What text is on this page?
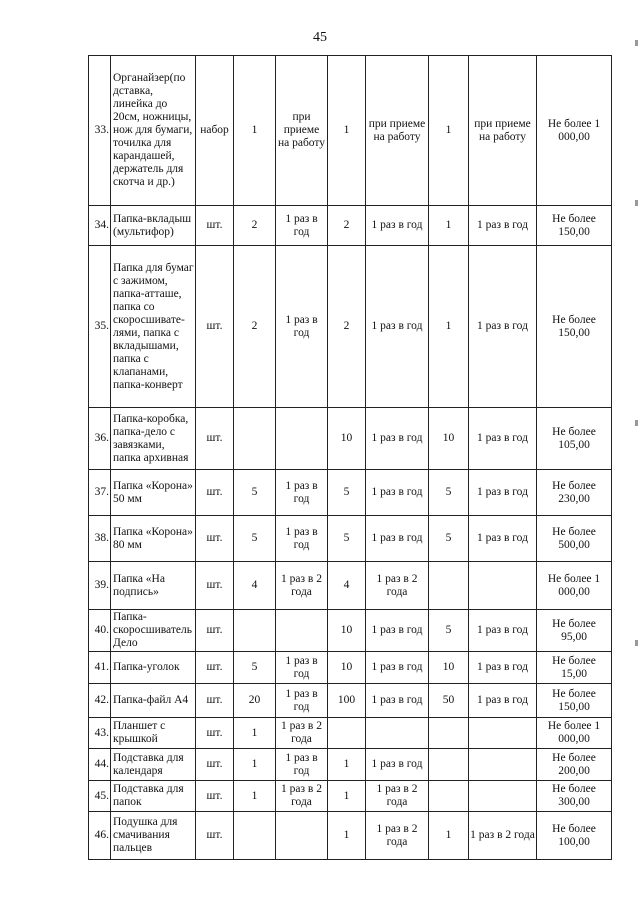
45
33.	Органайзер(по дставка, линейка до 20см, ножницы, нож для бумаги, точилка для карандашей, держатель для скотча и др.)	набор	1	при приеме на работу	1	при приеме на работу	1	при приеме на работу	Не более 1 000,00
34.	Папка-вкладыш (мультифор)	шт.	2	1 раз в год	2	1 раз в год	1	1 раз в год	Не более 150,00
35.	Папка для бумаг с зажимом, папка-атташе, папка со скоросшивате-лями, папка с вкладышами, папка с клапанами, папка-конверт	шт.	2	1 раз в год	2	1 раз в год	1	1 раз в год	Не более 150,00
36.	Папка-коробка, папка-дело с завязками, папка архивная	шт.			10	1 раз в год	10	1 раз в год	Не более 105,00
37.	Папка «Корона» 50 мм	шт.	5	1 раз в год	5	1 раз в год	5	1 раз в год	Не более 230,00
38.	Папка «Корона» 80 мм	шт.	5	1 раз в год	5	1 раз в год	5	1 раз в год	Не более 500,00
39.	Папка «На подпись»	шт.	4	1 раз в 2 года	4	1 раз в 2 года			Не более 1 000,00
40.	Папка-скоросшиватель Дело	шт.			10	1 раз в год	5	1 раз в год	Не более 95,00
41.	Папка-уголок	шт.	5	1 раз в год	10	1 раз в год	10	1 раз в год	Не более 15,00
42.	Папка-файл А4	шт.	20	1 раз в год	100	1 раз в год	50	1 раз в год	Не более 150,00
43.	Планшет с крышкой	шт.	1	1 раз в 2 года					Не более 1 000,00
44.	Подставка для календаря	шт.	1	1 раз в год	1	1 раз в год			Не более 200,00
45.	Подставка для папок	шт.	1	1 раз в 2 года	1	1 раз в 2 года			Не более 300,00
46.	Подушка для смачивания пальцев	шт.			1	1 раз в 2 года	1	1 раз в 2 года	Не более 100,00
